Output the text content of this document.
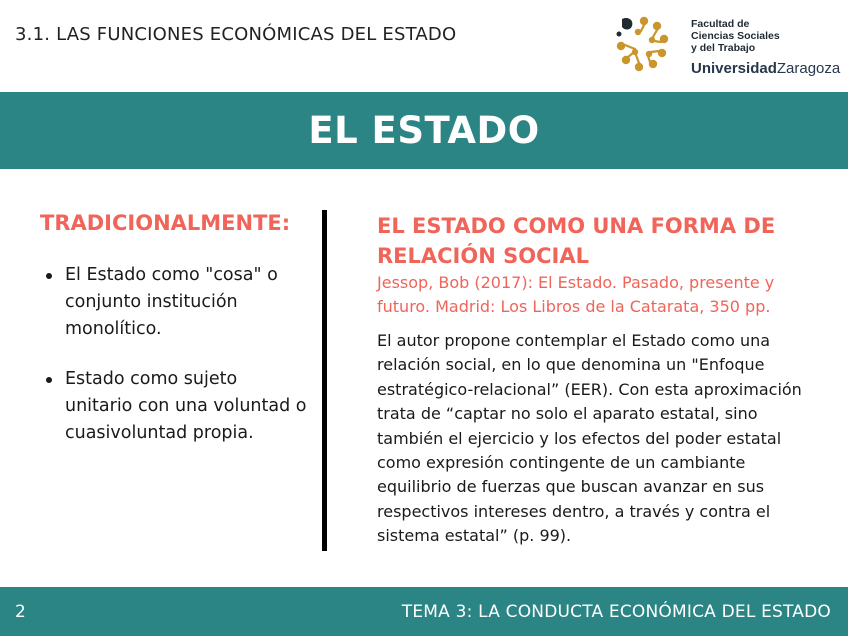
3.1. LAS FUNCIONES ECONÓMICAS DEL ESTADO	Facultad de
Ciencias Sociales
y del Trabajo
UniversidadZaragoza
EL ESTADO
TRADICIONALMENTE:
El Estado como "cosa" o conjunto institución monolítico.
Estado como sujeto unitario con una voluntad o cuasivoluntad propia.
EL ESTADO COMO UNA FORMA DE RELACIÓN SOCIAL
Jessop, Bob (2017): El Estado. Pasado, presente y futuro. Madrid: Los Libros de la Catarata, 350 pp.
El autor propone contemplar el Estado como una relación social, en lo que denomina un "Enfoque estratégico-relacional” (EER). Con esta aproximación trata de “captar no solo el aparato estatal, sino también el ejercicio y los efectos del poder estatal como expresión contingente de un cambiante equilibrio de fuerzas que buscan avanzar en sus respectivos intereses dentro, a través y contra el sistema estatal” (p. 99).
2	TEMA 3: LA CONDUCTA ECONÓMICA DEL ESTADO
